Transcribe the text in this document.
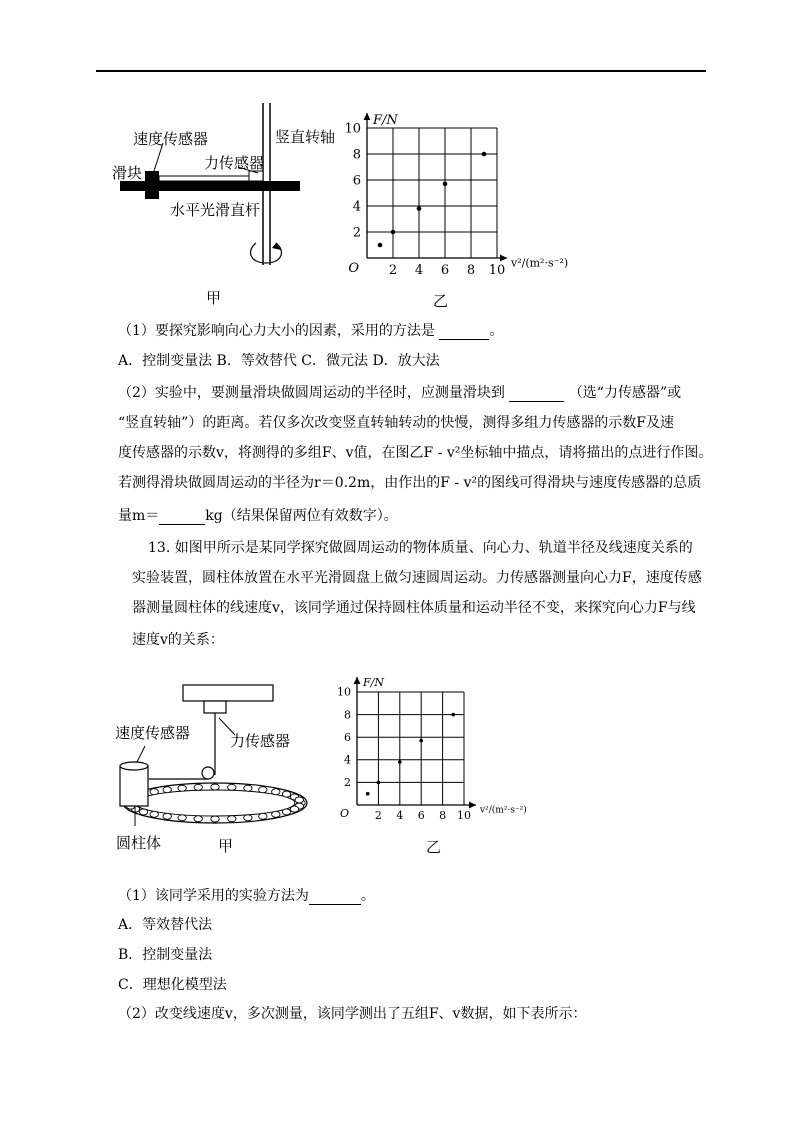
速度传感器	竖直转轴
滑块
力传感器
水平光滑直杆
甲
2 4 6 8 10
2
4
6
8
10
O
F/N
v²/(m²·s⁻²)
乙
（1）要探究影响向心力大小的因素，采用的方法是	。
A．控制变量法 B．等效替代 C．微元法 D．放大法
（2）实验中，要测量滑块做圆周运动的半径时，应测量滑块到	（选“力传感器”或
“竖直转轴”）的距离。若仅多次改变竖直转轴转动的快慢，测得多组力传感器的示数F及速
度传感器的示数v，将测得的多组F、v值，在图乙F - v²坐标轴中描点，请将描出的点进行作图。
若测得滑块做圆周运动的半径为r＝0.2m，由作出的F - v²的图线可得滑块与速度传感器的总质
量m＝	kg（结果保留两位有效数字）。
13. 如图甲所示是某同学探究做圆周运动的物体质量、向心力、轨道半径及线速度关系的
实验装置，圆柱体放置在水平光滑圆盘上做匀速圆周运动。力传感器测量向心力F，速度传感
器测量圆柱体的线速度v，该同学通过保持圆柱体质量和运动半径不变，来探究向心力F与线
速度v的关系：
速度传感器	力传感器
圆柱体	甲
2 4 6 8 10
2
4
6
8
10
O
F/N
v²/(m²·s⁻²)
乙
（1）该同学采用的实验方法为	。
A．等效替代法
B．控制变量法
C．理想化模型法
（2）改变线速度v，多次测量，该同学测出了五组F、v数据，如下表所示：
